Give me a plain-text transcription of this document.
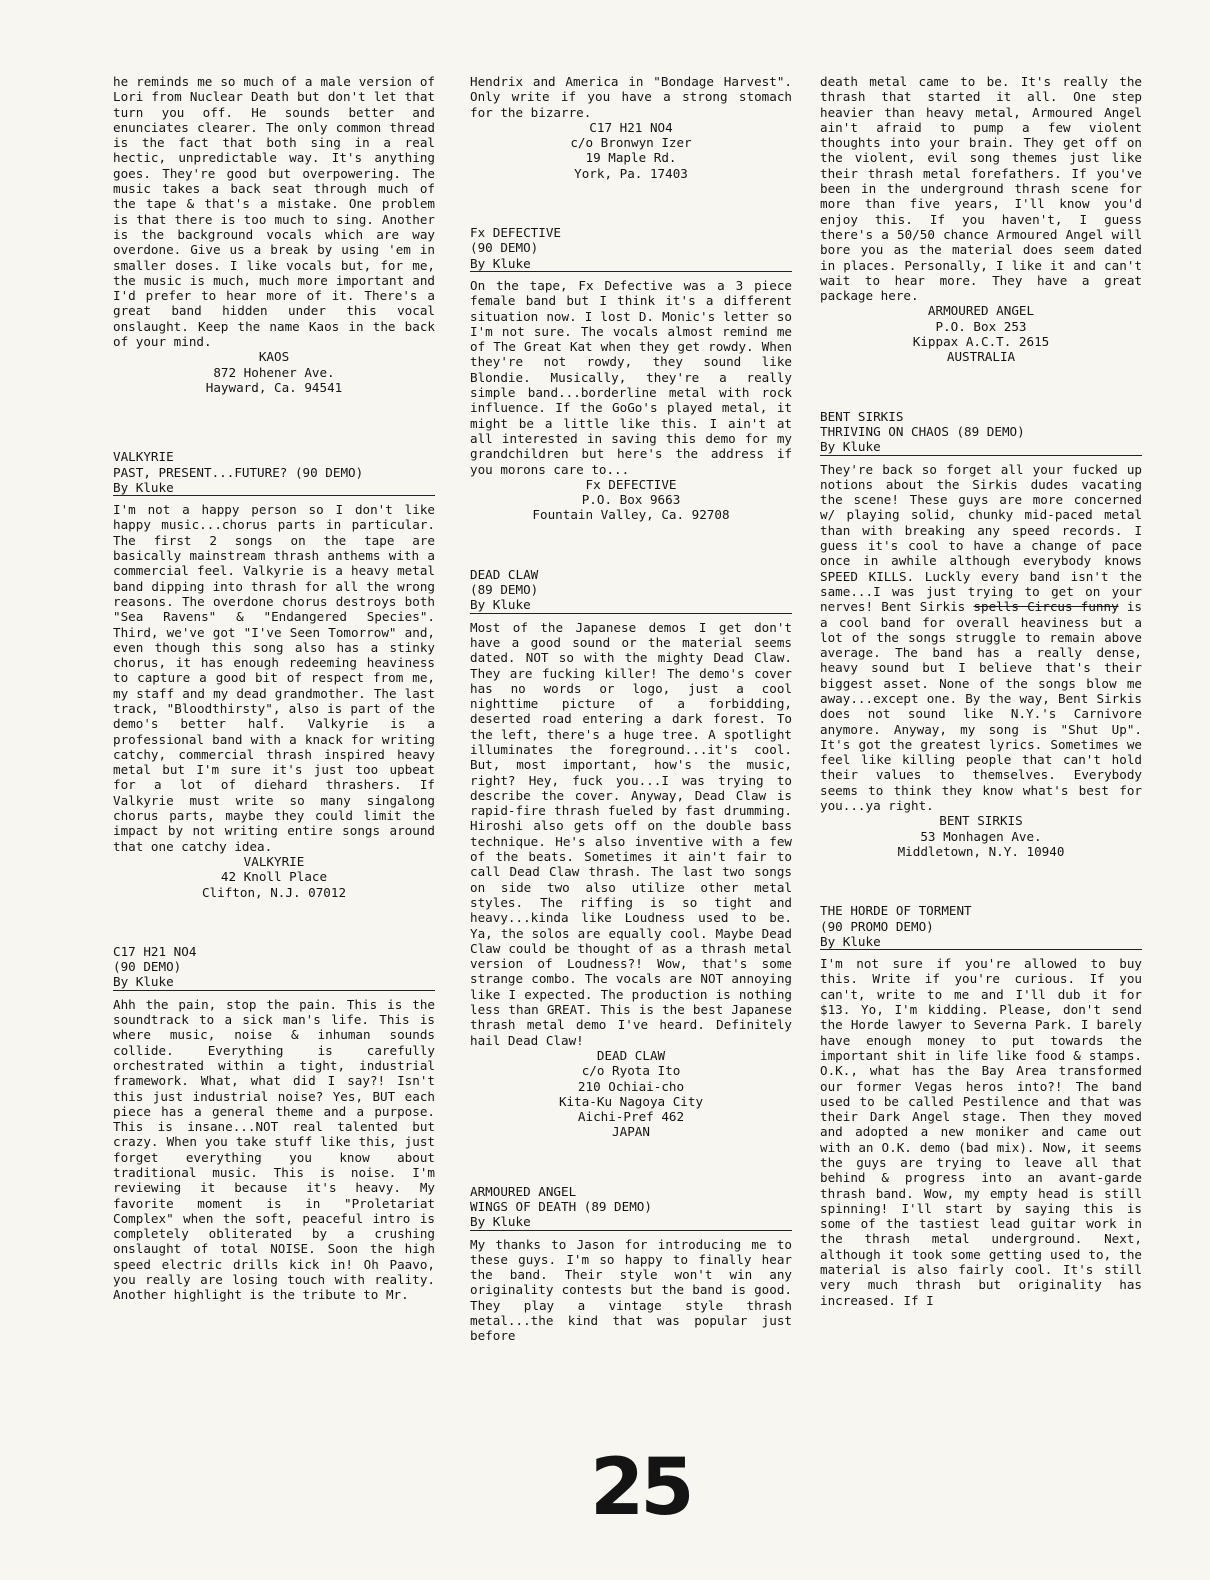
he reminds me so much of a male version of Lori from Nuclear Death but don't let that turn you off. He sounds better and enunciates clearer. The only common thread is the fact that both sing in a real hectic, unpredictable way. It's anything goes. They're good but overpowering. The music takes a back seat through much of the tape & that's a mistake. One problem is that there is too much to sing. Another is the background vocals which are way overdone. Give us a break by using 'em in smaller doses. I like vocals but, for me, the music is much, much more important and I'd prefer to hear more of it. There's a great band hidden under this vocal onslaught. Keep the name Kaos in the back of your mind.

KAOS
872 Hohener Ave.
Hayward, Ca. 94541
VALKYRIE
PAST, PRESENT...FUTURE? (90 DEMO)
By Kluke

I'm not a happy person so I don't like happy music...chorus parts in particular. The first 2 songs on the tape are basically mainstream thrash anthems with a commercial feel. Valkyrie is a heavy metal band dipping into thrash for all the wrong reasons. The overdone chorus destroys both "Sea Ravens" & "Endangered Species". Third, we've got "I've Seen Tomorrow" and, even though this song also has a stinky chorus, it has enough redeeming heaviness to capture a good bit of respect from me, my staff and my dead grandmother. The last track, "Bloodthirsty", also is part of the demo's better half. Valkyrie is a professional band with a knack for writing catchy, commercial thrash inspired heavy metal but I'm sure it's just too upbeat for a lot of diehard thrashers. If Valkyrie must write so many singalong chorus parts, maybe they could limit the impact by not writing entire songs around that one catchy idea.

VALKYRIE
42 Knoll Place
Clifton, N.J. 07012
C17 H21 NO4
(90 DEMO)
By Kluke

Ahh the pain, stop the pain. This is the soundtrack to a sick man's life. This is where music, noise & inhuman sounds collide. Everything is carefully orchestrated within a tight, industrial framework. What, what did I say?! Isn't this just industrial noise? Yes, BUT each piece has a general theme and a purpose. This is insane...NOT real talented but crazy. When you take stuff like this, just forget everything you know about traditional music. This is noise. I'm reviewing it because it's heavy. My favorite moment is in "Proletariat Complex" when the soft, peaceful intro is completely obliterated by a crushing onslaught of total NOISE. Soon the high speed electric drills kick in! Oh Paavo, you really are losing touch with reality. Another highlight is the tribute to Mr.

Hendrix and America in "Bondage Harvest". Only write if you have a strong stomach for the bizarre.

C17 H21 NO4
c/o Bronwyn Izer
19 Maple Rd.
York, Pa. 17403
Fx DEFECTIVE
(90 DEMO)
By Kluke

On the tape, Fx Defective was a 3 piece female band but I think it's a different situation now. I lost D. Monic's letter so I'm not sure. The vocals almost remind me of The Great Kat when they get rowdy. When they're not rowdy, they sound like Blondie. Musically, they're a really simple band...borderline metal with rock influence. If the GoGo's played metal, it might be a little like this. I ain't at all interested in saving this demo for my grandchildren but here's the address if you morons care to...

Fx DEFECTIVE
P.O. Box 9663
Fountain Valley, Ca. 92708
DEAD CLAW
(89 DEMO)
By Kluke

Most of the Japanese demos I get don't have a good sound or the material seems dated. NOT so with the mighty Dead Claw. They are fucking killer! The demo's cover has no words or logo, just a cool nighttime picture of a forbidding, deserted road entering a dark forest. To the left, there's a huge tree. A spotlight illuminates the foreground...it's cool. But, most important, how's the music, right? Hey, fuck you...I was trying to describe the cover. Anyway, Dead Claw is rapid-fire thrash fueled by fast drumming. Hiroshi also gets off on the double bass technique. He's also inventive with a few of the beats. Sometimes it ain't fair to call Dead Claw thrash. The last two songs on side two also utilize other metal styles. The riffing is so tight and heavy...kinda like Loudness used to be. Ya, the solos are equally cool. Maybe Dead Claw could be thought of as a thrash metal version of Loudness?! Wow, that's some strange combo. The vocals are NOT annoying like I expected. The production is nothing less than GREAT. This is the best Japanese thrash metal demo I've heard. Definitely hail Dead Claw!

DEAD CLAW
c/o Ryota Ito
210 Ochiai-cho
Kita-Ku Nagoya City
Aichi-Pref 462
JAPAN
ARMOURED ANGEL
WINGS OF DEATH (89 DEMO)
By Kluke

My thanks to Jason for introducing me to these guys. I'm so happy to finally hear the band. Their style won't win any originality contests but the band is good. They play a vintage style thrash metal...the kind that was popular just before

death metal came to be. It's really the thrash that started it all. One step heavier than heavy metal, Armoured Angel ain't afraid to pump a few violent thoughts into your brain. They get off on the violent, evil song themes just like their thrash metal forefathers. If you've been in the underground thrash scene for more than five years, I'll know you'd enjoy this. If you haven't, I guess there's a 50/50 chance Armoured Angel will bore you as the material does seem dated in places. Personally, I like it and can't wait to hear more. They have a great package here.

ARMOURED ANGEL
P.O. Box 253
Kippax A.C.T. 2615
AUSTRALIA
BENT SIRKIS
THRIVING ON CHAOS (89 DEMO)
By Kluke

They're back so forget all your fucked up notions about the Sirkis dudes vacating the scene! These guys are more concerned w/ playing solid, chunky mid-paced metal than with breaking any speed records. I guess it's cool to have a change of pace once in awhile although everybody knows SPEED KILLS. Luckly every band isn't the same...I was just trying to get on your nerves! Bent Sirkis spells Circus funny is a cool band for overall heaviness but a lot of the songs struggle to remain above average. The band has a really dense, heavy sound but I believe that's their biggest asset. None of the songs blow me away...except one. By the way, Bent Sirkis does not sound like N.Y.'s Carnivore anymore. Anyway, my song is "Shut Up". It's got the greatest lyrics. Sometimes we feel like killing people that can't hold their values to themselves. Everybody seems to think they know what's best for you...ya right.

BENT SIRKIS
53 Monhagen Ave.
Middletown, N.Y. 10940
THE HORDE OF TORMENT
(90 PROMO DEMO)
By Kluke

I'm not sure if you're allowed to buy this. Write if you're curious. If you can't, write to me and I'll dub it for $13. Yo, I'm kidding. Please, don't send the Horde lawyer to Severna Park. I barely have enough money to put towards the important shit in life like food & stamps. O.K., what has the Bay Area transformed our former Vegas heros into?! The band used to be called Pestilence and that was their Dark Angel stage. Then they moved and adopted a new moniker and came out with an O.K. demo (bad mix). Now, it seems the guys are trying to leave all that behind & progress into an avant-garde thrash band. Wow, my empty head is still spinning! I'll start by saying this is some of the tastiest lead guitar work in the thrash metal underground. Next, although it took some getting used to, the material is also fairly cool. It's still very much thrash but originality has increased. If I

25
